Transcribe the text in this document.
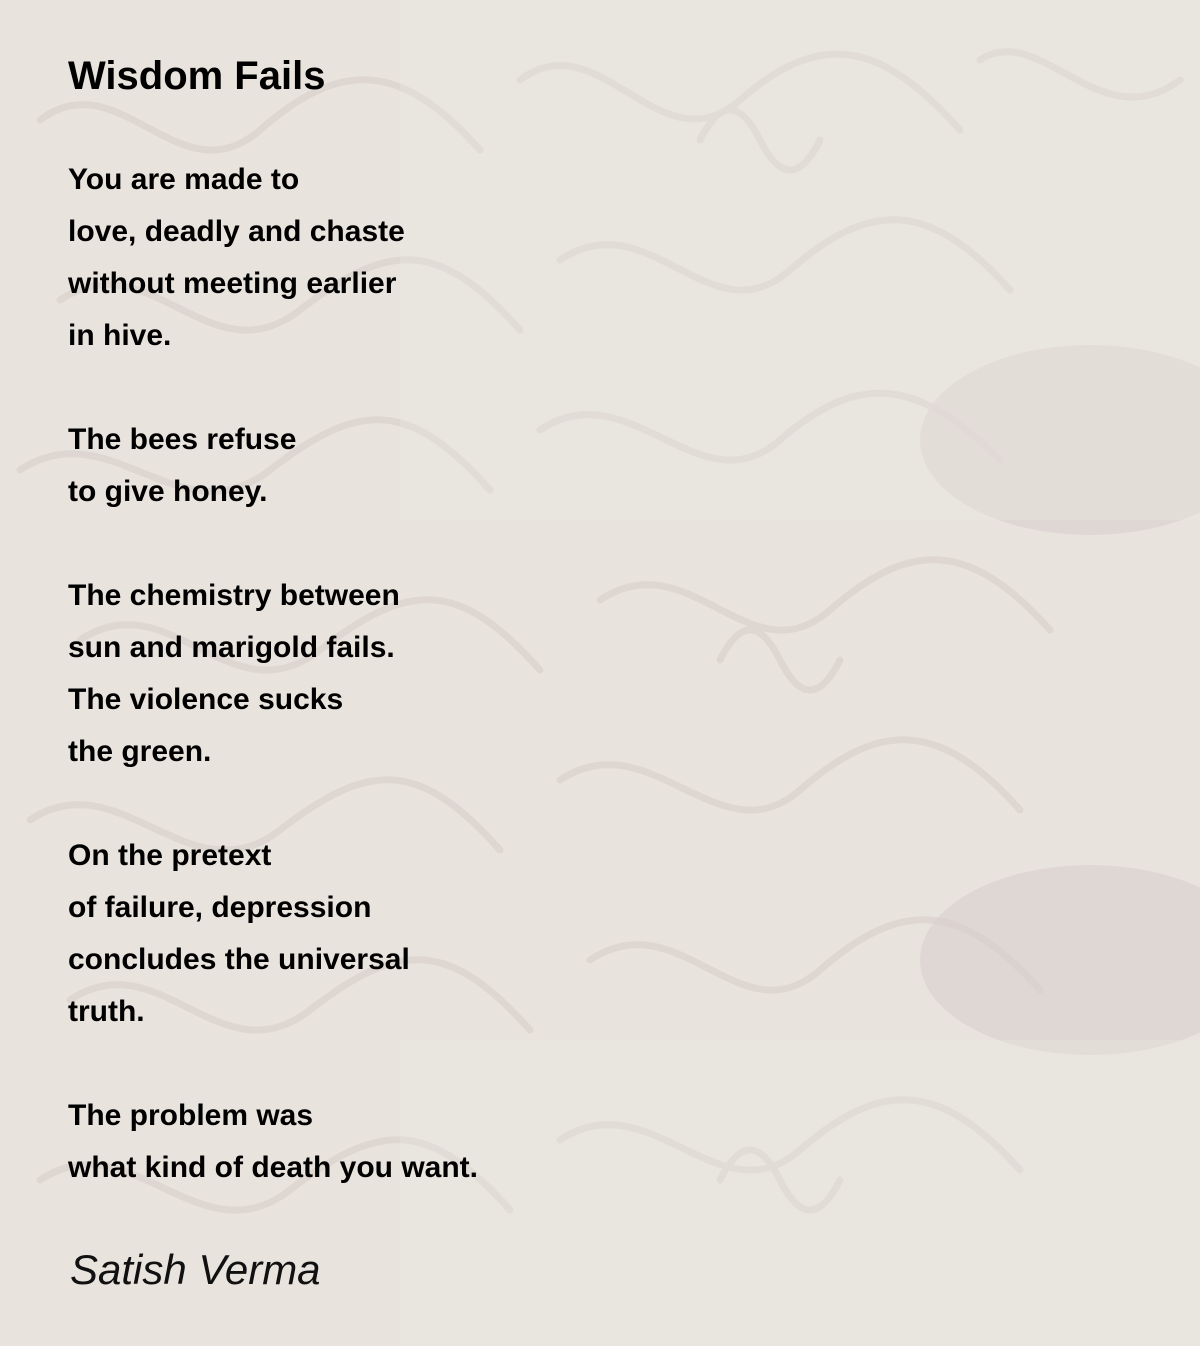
Wisdom Fails
You are made to
love, deadly and chaste
without meeting earlier
in hive.
The bees refuse
to give honey.
The chemistry between
sun and marigold fails.
The violence sucks
the green.
On the pretext
of failure, depression
concludes the universal
truth.
The problem was
what kind of death you want.

Satish Verma
